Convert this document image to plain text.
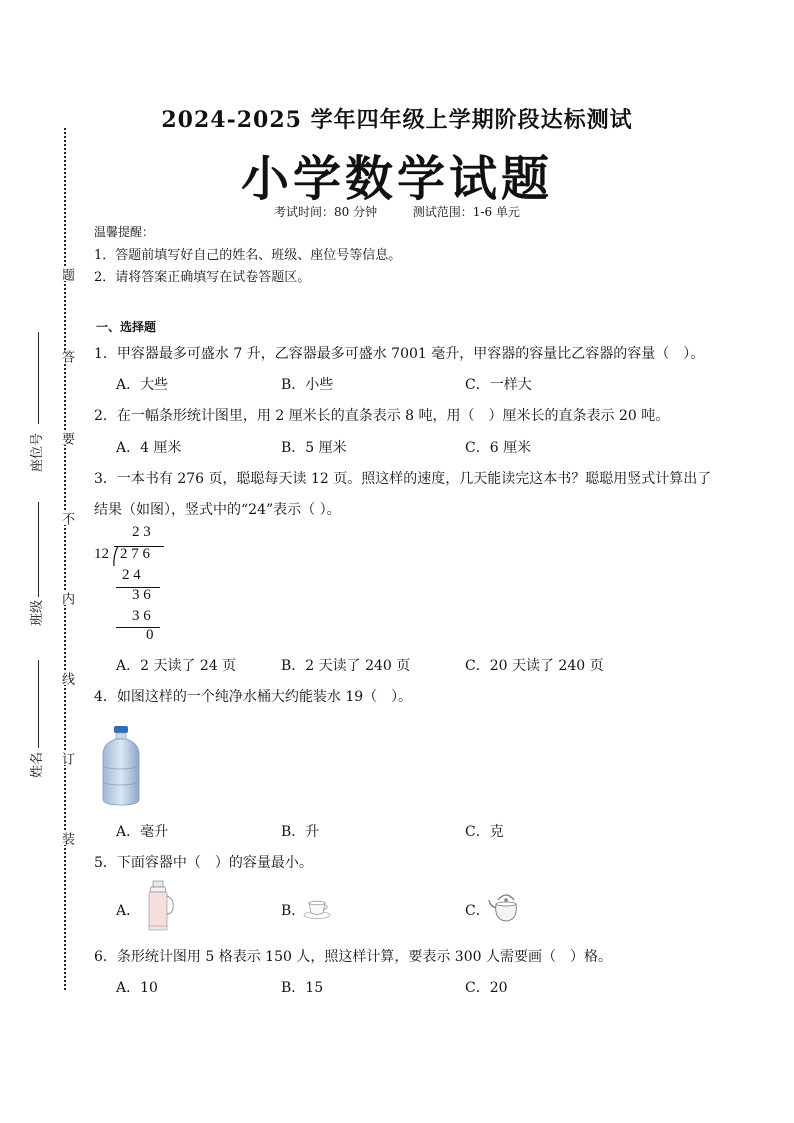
题
答
要
不
内
线
订
装
座位号
班级
姓名
2024-2025 学年四年级上学期阶段达标测试
小学数学试题
考试时间：80 分钟	测试范围：1-6 单元
温馨提醒：
1．答题前填写好自己的姓名、班级、座位号等信息。
2．请将答案正确填写在试卷答题区。
一、选择题
1．甲容器最多可盛水 7 升，乙容器最多可盛水 7001 毫升，甲容器的容量比乙容器的容量（　）。
A．大些	B．小些	C．一样大
2．在一幅条形统计图里，用 2 厘米长的直条表示 8 吨，用（　）厘米长的直条表示 20 吨。
A．4 厘米	B．5 厘米	C．6 厘米
3．一本书有 276 页，聪聪每天读 12 页。照这样的速度，几天能读完这本书？聪聪用竖式计算出了
结果（如图），竖式中的“24”表示（ ）。
2 3
12 2 7 6
2 4
3 6
3 6
0
A．2 天读了 24 页	B．2 天读了 240 页	C．20 天读了 240 页
4．如图这样的一个纯净水桶大约能装水 19（　）。
A．毫升	B．升	C．克
5．下面容器中（　）的容量最小。
A．	B．	C．
6．条形统计图用 5 格表示 150 人，照这样计算，要表示 300 人需要画（　）格。
A．10	B．15	C．20
